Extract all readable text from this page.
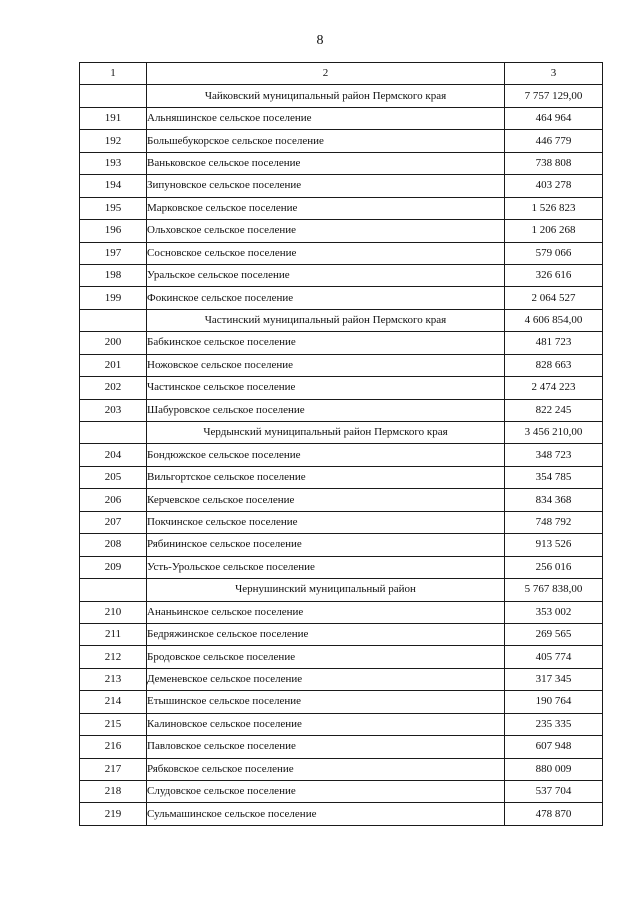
8
1	2	3
	Чайковский муниципальный район Пермского края	7 757 129,00
191	Альняшинское сельское поселение	464 964
192	Большебукорское сельское поселение	446 779
193	Ваньковское сельское поселение	738 808
194	Зипуновское сельское поселение	403 278
195	Марковское сельское поселение	1 526 823
196	Ольховское сельское поселение	1 206 268
197	Сосновское сельское поселение	579 066
198	Уральское сельское поселение	326 616
199	Фокинское сельское поселение	2 064 527
	Частинский муниципальный район Пермского края	4 606 854,00
200	Бабкинское сельское поселение	481 723
201	Ножовское сельское поселение	828 663
202	Частинское сельское поселение	2 474 223
203	Шабуровское сельское поселение	822 245
	Чердынский муниципальный район Пермского края	3 456 210,00
204	Бондюжское сельское поселение	348 723
205	Вильгортское сельское поселение	354 785
206	Керчевское сельское поселение	834 368
207	Покчинское сельское поселение	748 792
208	Рябининское сельское поселение	913 526
209	Усть-Урольское сельское поселение	256 016
	Чернушинский муниципальный район	5 767 838,00
210	Ананьинское сельское поселение	353 002
211	Бедряжинское сельское поселение	269 565
212	Бродовское сельское поселение	405 774
213	Деменевское сельское поселение	317 345
214	Етышинское сельское поселение	190 764
215	Калиновское сельское поселение	235 335
216	Павловское сельское поселение	607 948
217	Рябковское сельское поселение	880 009
218	Слудовское сельское поселение	537 704
219	Сульмашинское сельское поселение	478 870
